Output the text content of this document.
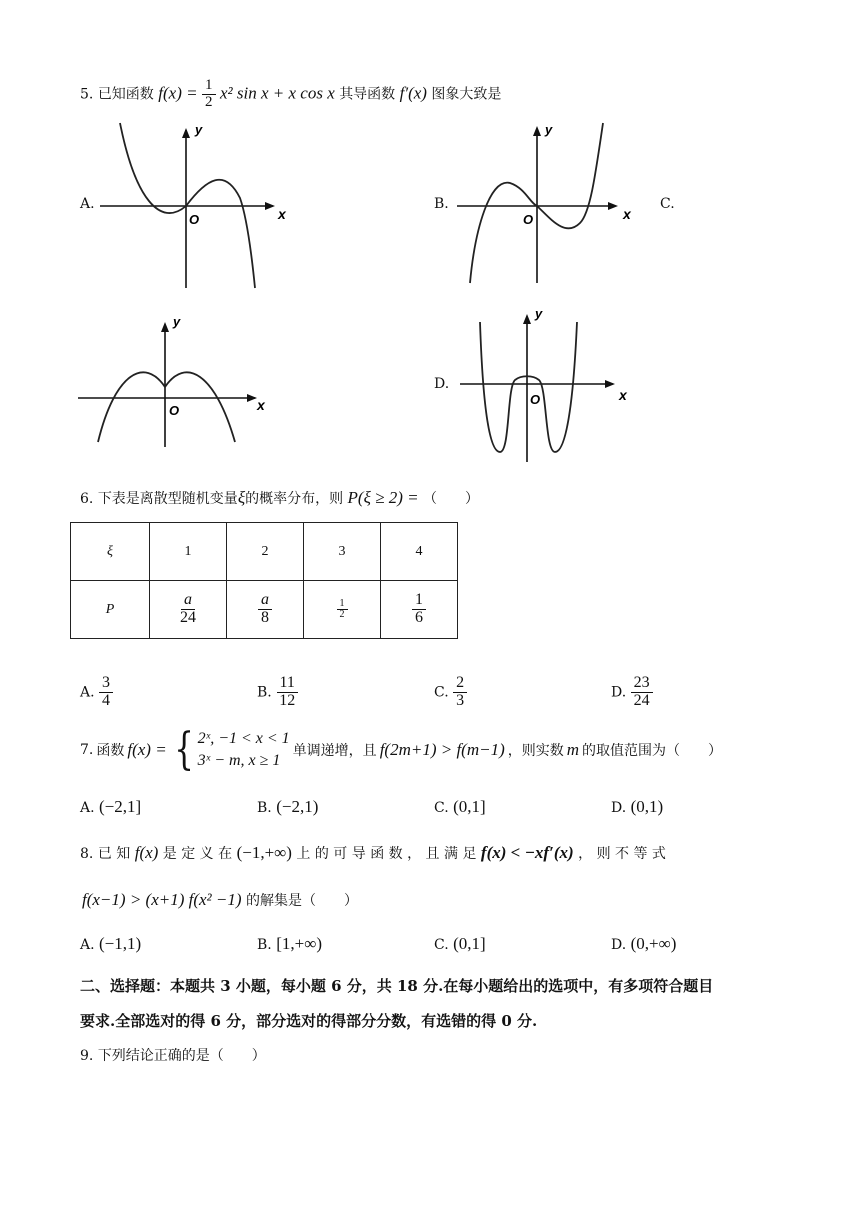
5. 已知函数 $f(x) = \frac{1}{2} x^2$ sin x + x cos x 其导函数 f′(x) 图象大致是
A.	B.	C.
D.
x
y
O	x
y
O
x
y
O
x
y
O
6. 下表是离散型随机变量ξ的概率分布，则 P(ξ ≥ 2) = （　　）
ξ	1	2	3	4
P	$\frac{a}{24}$	$\frac{a}{8}$	$\frac{1}{2}$	$\frac{1}{6}$
A. $\frac{3}{4}$	B. $\frac{11}{12}$	C. $\frac{2}{3}$	D. $\frac{23}{24}$
7. 函数 f(x) = { 2ˣ, −1 < x < 1
3ˣ − m, x ≥ 1
单调递增，且 f(2m+1) > f(m−1) ，则实数 m 的取值范围为（　　）
A. (−2,1]	B. (−2,1)	C. (0,1]	D. (0,1)
8. 已 知 f(x) 是 定 义 在 (−1,+∞) 上 的 可 导 函 数 ， 且 满 足 f(x) < −xf′(x) ， 则 不 等 式
f(x−1) > (x+1) f(x² −1) 的解集是（　　）
A. (−1,1)	B. [1,+∞)	C. (0,1]	D. (0,+∞)
二、选择题：本题共 3 小题，每小题 6 分，共 18 分.在每小题给出的选项中，有多项符合题目
要求.全部选对的得 6 分，部分选对的得部分分数，有选错的得 0 分.
9. 下列结论正确的是（　　）
